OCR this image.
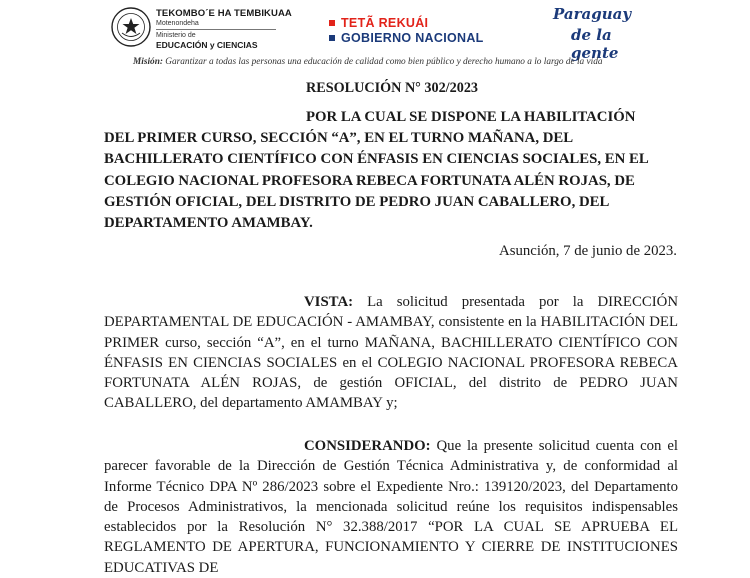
TEKOMBO´E HA TEMBIKUAA
Motenondeha
Ministerio de
EDUCACIÓN y CIENCIAS
TETÃ REKUÁI
GOBIERNO NACIONAL
Paraguay
de la gente
Misión: Garantizar a todas las personas una educación de calidad como bien público y derecho humano a lo largo de la vida
RESOLUCIÓN N° 302/2023
POR LA CUAL SE DISPONE LA HABILITACIÓN
DEL PRIMER CURSO, SECCIÓN “A”, EN EL TURNO MAÑANA, DEL BACHILLERATO CIENTÍFICO CON ÉNFASIS EN CIENCIAS SOCIALES, EN EL COLEGIO NACIONAL PROFESORA REBECA FORTUNATA ALÉN ROJAS, DE GESTIÓN OFICIAL, DEL DISTRITO DE PEDRO JUAN CABALLERO, DEL DEPARTAMENTO AMAMBAY.
Asunción, 7 de junio de 2023.
VISTA: La solicitud presentada por la DIRECCIÓN DEPARTAMENTAL DE EDUCACIÓN - AMAMBAY, consistente en la HABILITACIÓN DEL PRIMER curso, sección “A”, en el turno MAÑANA, BACHILLERATO CIENTÍFICO CON ÉNFASIS EN CIENCIAS SOCIALES en el COLEGIO NACIONAL PROFESORA REBECA FORTUNATA ALÉN ROJAS, de gestión OFICIAL, del distrito de PEDRO JUAN CABALLERO, del departamento AMAMBAY y;
CONSIDERANDO: Que la presente solicitud cuenta con el parecer favorable de la Dirección de Gestión Técnica Administrativa y, de conformidad al Informe Técnico DPA Nº 286/2023 sobre el Expediente Nro.: 139120/2023, del Departamento de Procesos Administrativos, la mencionada solicitud reúne los requisitos indispensables establecidos por la Resolución N° 32.388/2017 “POR LA CUAL SE APRUEBA EL REGLAMENTO DE APERTURA, FUNCIONAMIENTO Y CIERRE DE INSTITUCIONES EDUCATIVAS DE
